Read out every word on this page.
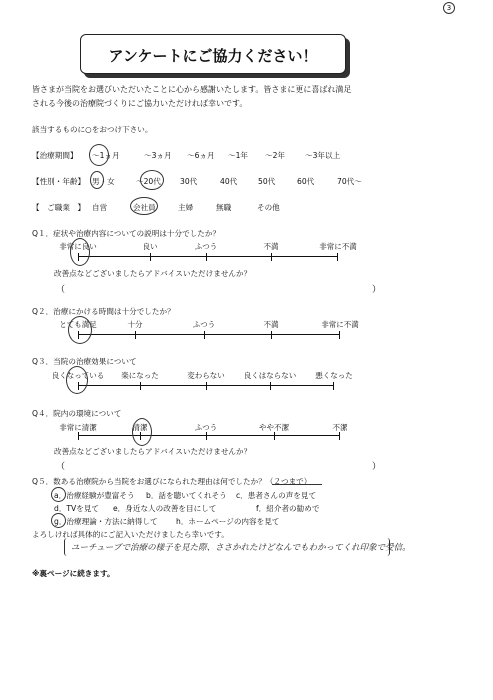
3
アンケートにご協力ください！
皆さまが当院をお選びいただいたことに心から感謝いたします。皆さまに更に喜ばれ満足
される今後の治療院づくりにご協力いただければ幸いです。
該当するものに○をおつけ下さい。
【治療期間】 ～1ヵ月	～3ヵ月 ～6ヵ月 ～1年 ～2年	～3年以上
【性別・年齢】 男・女	～20代	30代	40代	50代	60代	70代～
【　ご職業　】 自営	会社員	主婦	無職	その他
Q１．症状や治療内容についての説明は十分でしたか？
非常に良い	良い	ふつう	不満	非常に不満
改善点などございましたらアドバイスいただけませんか？
（	）
Q２．治療にかける時間は十分でしたか？
とても満足	十分	ふつう	不満	非常に不満
Q３．当院の治療効果について
良くなっている 楽になった	変わらない	良くはならない	悪くなった
Q４．院内の環境について
非常に清潔	清潔	ふつう	やや不潔	不潔
改善点などございましたらアドバイスいただけませんか？
（	）
Q５．数ある治療院から当院をお選びになられた理由は何でしたか？（２つまで）
a．治療経験が豊富そう b．話を聴いてくれそう c．患者さんの声を見て
d．TVを見て e．身近な人の改善を目にして	f．紹介者の勧めで
g．治療理論・方法に納得して h．ホームページの内容を見て
よろしければ具体的にご記入いただけましたら幸いです。
ユーチューブで治療の様子を見た際、ささかれたけどなんでもわかってくれ印象で受信。
※裏ページに続きます。
